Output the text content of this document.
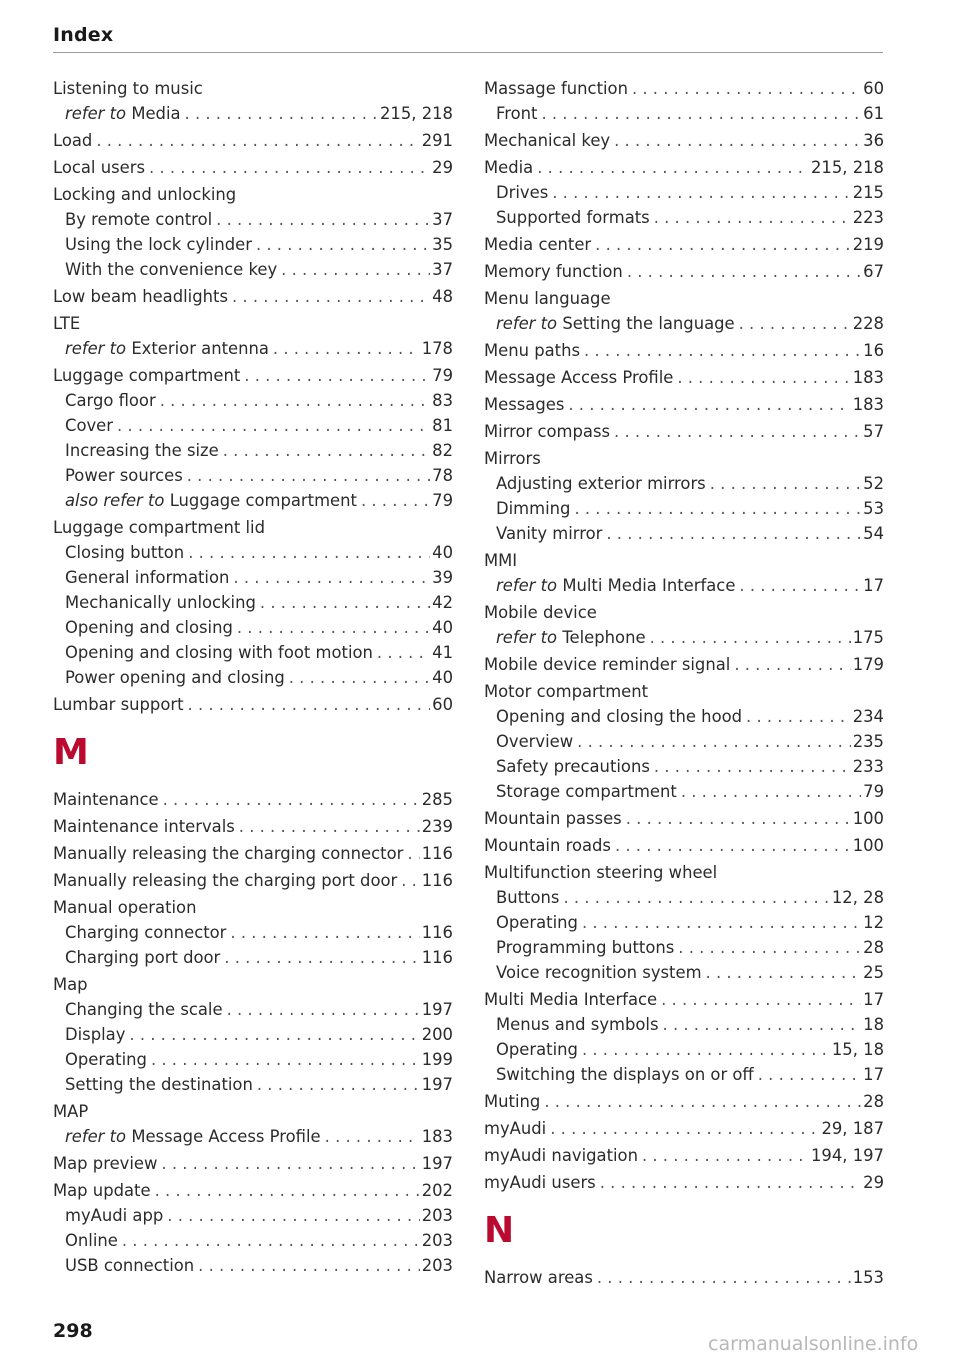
Index
Listening to music
refer to Media . . .	215, 218
Load . . .	291
Local users . . .	29
Locking and unlocking
By remote control . . .	37
Using the lock cylinder . . .	35
With the convenience key . . .	37
Low beam headlights . . .	48
LTE
refer to Exterior antenna . . .	178
Luggage compartment . . .	79
Cargo floor . . .	83
Cover . . .	81
Increasing the size . . .	82
Power sources . . .	78
also refer to Luggage compartment . . .	79
Luggage compartment lid
Closing button . . .	40
General information . . .	39
Mechanically unlocking . . .	42
Opening and closing . . .	40
Opening and closing with foot motion . . .	41
Power opening and closing . . .	40
Lumbar support . . .	60
M
Maintenance . . .	285
Maintenance intervals . . .	239
Manually releasing the charging connector . . . 116
Manually releasing the charging port door . . . 116
Manual operation
Charging connector . . .	116
Charging port door . . .	116
Map
Changing the scale . . .	197
Display . . .	200
Operating . . .	199
Setting the destination . . .	197
MAP
refer to Message Access Profile . . .	183
Map preview . . .	197
Map update . . .	202
myAudi app . . .	203
Online . . .	203
USB connection . . .	203
Massage function . . .	60
Front . . .	61
Mechanical key . . .	36
Media . . .	215, 218
Drives . . .	215
Supported formats . . .	223
Media center . . .	219
Memory function . . .	67
Menu language
refer to Setting the language . . .	228
Menu paths . . .	16
Message Access Profile . . .	183
Messages . . .	183
Mirror compass . . .	57
Mirrors
Adjusting exterior mirrors . . .	52
Dimming . . .	53
Vanity mirror . . .	54
MMI
refer to Multi Media Interface . . .	17
Mobile device
refer to Telephone . . .	175
Mobile device reminder signal . . .	179
Motor compartment
Opening and closing the hood . . .	234
Overview . . .	235
Safety precautions . . .	233
Storage compartment . . .	79
Mountain passes . . .	100
Mountain roads . . .	100
Multifunction steering wheel
Buttons . . .	12, 28
Operating . . .	12
Programming buttons . . .	28
Voice recognition system . . .	25
Multi Media Interface . . .	17
Menus and symbols . . .	18
Operating . . .	15, 18
Switching the displays on or off . . .	17
Muting . . .	28
myAudi . . .	29, 187
myAudi navigation . . .	194, 197
myAudi users . . .	29
N
Narrow areas . . .	153
298
carmanualsonline.info
